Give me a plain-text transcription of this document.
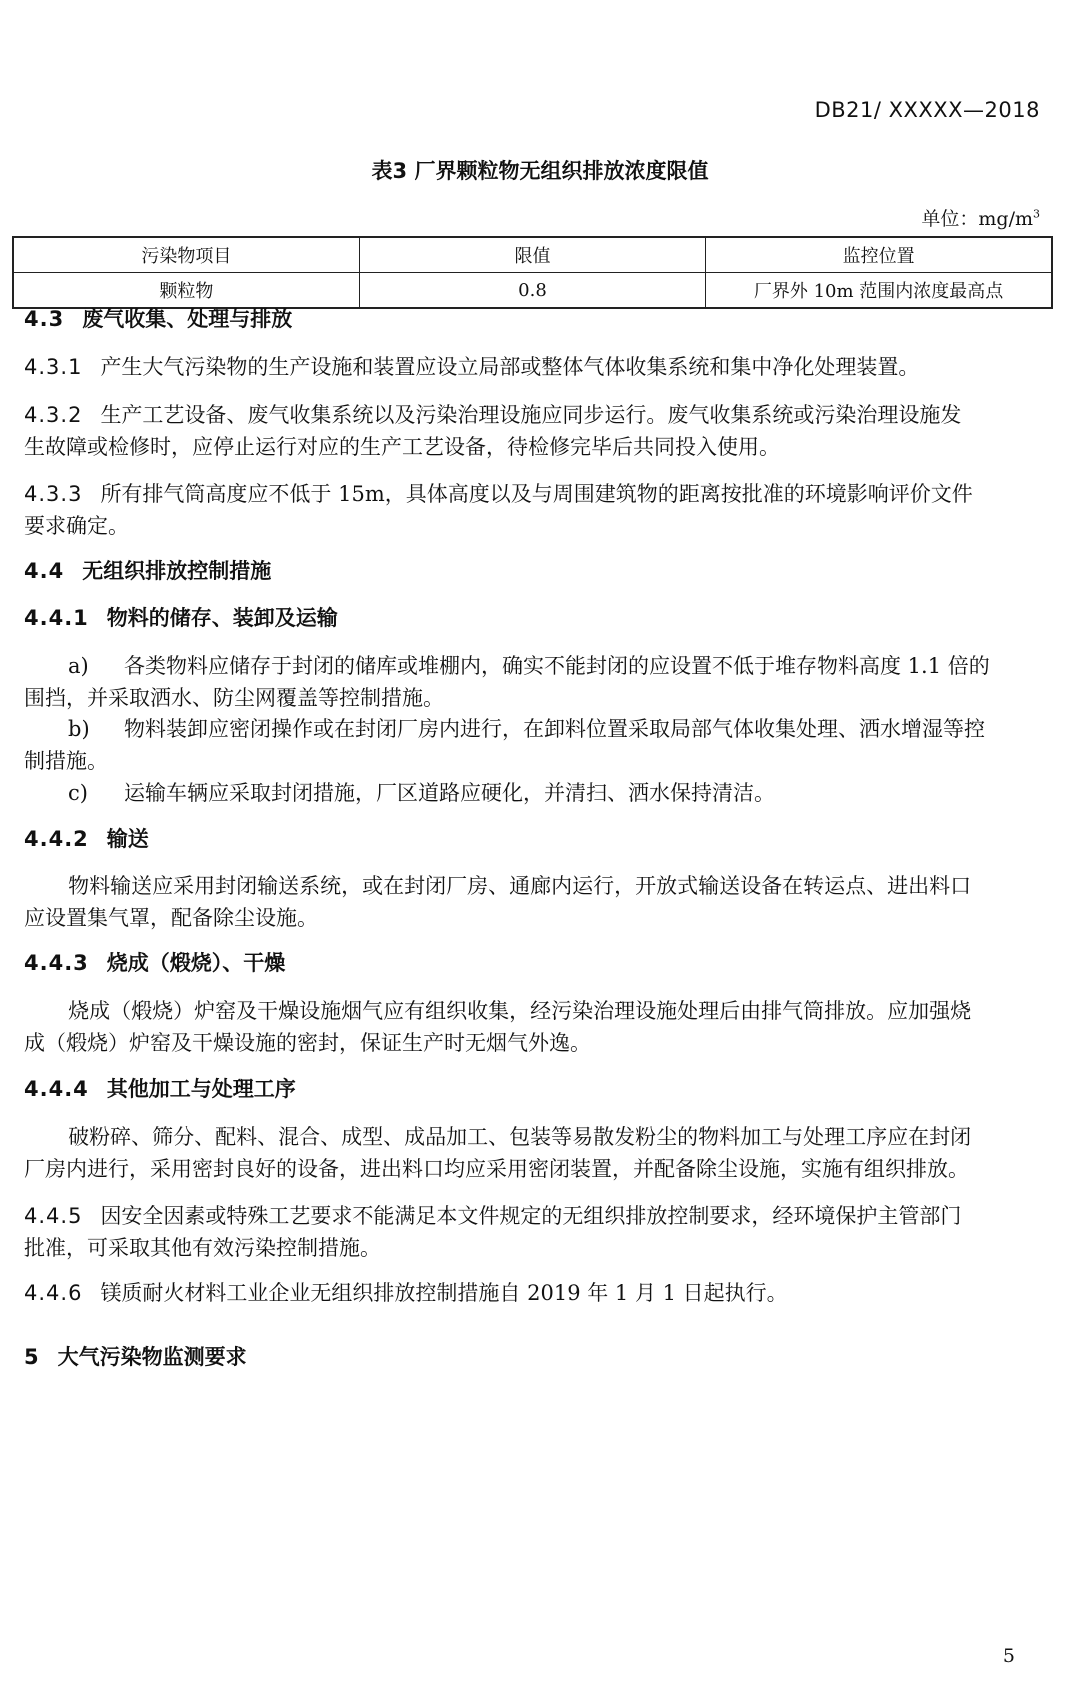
DB21/ XXXXX—2018
表3 厂界颗粒物无组织排放浓度限值
单位：$mg/m^3$
污染物项目	限值	监控位置
颗粒物	0.8	厂界外 10m 范围内浓度最高点
4.3 废气收集、处理与排放
4.3.1 产生大气污染物的生产设施和装置应设立局部或整体气体收集系统和集中净化处理装置。
4.3.2 生产工艺设备、废气收集系统以及污染治理设施应同步运行。废气收集系统或污染治理设施发
生故障或检修时，应停止运行对应的生产工艺设备，待检修完毕后共同投入使用。
4.3.3 所有排气筒高度应不低于 15m，具体高度以及与周围建筑物的距离按批准的环境影响评价文件
要求确定。
4.4 无组织排放控制措施
4.4.1 物料的储存、装卸及运输
a) 各类物料应储存于封闭的储库或堆棚内，确实不能封闭的应设置不低于堆存物料高度 1.1 倍的
围挡，并采取洒水、防尘网覆盖等控制措施。
b) 物料装卸应密闭操作或在封闭厂房内进行，在卸料位置采取局部气体收集处理、洒水增湿等控
制措施。
c) 运输车辆应采取封闭措施，厂区道路应硬化，并清扫、洒水保持清洁。
4.4.2 输送
物料输送应采用封闭输送系统，或在封闭厂房、通廊内运行，开放式输送设备在转运点、进出料口
应设置集气罩，配备除尘设施。
4.4.3 烧成（煅烧）、干燥
烧成（煅烧）炉窑及干燥设施烟气应有组织收集，经污染治理设施处理后由排气筒排放。应加强烧
成（煅烧）炉窑及干燥设施的密封，保证生产时无烟气外逸。
4.4.4 其他加工与处理工序
破粉碎、筛分、配料、混合、成型、成品加工、包装等易散发粉尘的物料加工与处理工序应在封闭
厂房内进行，采用密封良好的设备，进出料口均应采用密闭装置，并配备除尘设施，实施有组织排放。
4.4.5 因安全因素或特殊工艺要求不能满足本文件规定的无组织排放控制要求，经环境保护主管部门
批准，可采取其他有效污染控制措施。
4.4.6 镁质耐火材料工业企业无组织排放控制措施自 2019 年 1 月 1 日起执行。
5 大气污染物监测要求
5
